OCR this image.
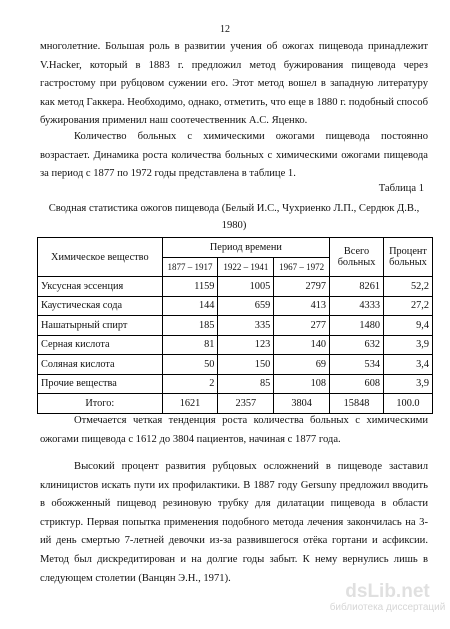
12

многолетние. Большая роль в развитии учения об ожогах пищевода принадлежит V.Hacker, который в 1883 г. предложил метод бужирования пищевода через гастростому при рубцовом сужении его. Этот метод вошел в западную литературу как метод Гаккера. Необходимо, однако, отметить, что еще в 1880 г. подобный способ бужирования применил наш соотечественник А.С. Яценко.

Количество больных с химическими ожогами пищевода постоянно возрастает. Динамика роста количества больных с химическими ожогами пищевода за период с 1877 по 1972 годы представлена в таблице 1.

Таблица 1
Сводная статистика ожогов пищевода (Белый И.С., Чухриенко Л.П., Сердюк Д.В., 1980)
Химическое вещество	Период времени			Всего больных	Процент больных
	1877 – 1917	1922 – 1941	1967 – 1972		
Уксусная эссенция	1159	1005	2797	8261	52,2
Каустическая сода	144	659	413	4333	27,2
Нашатырный спирт	185	335	277	1480	9,4
Серная кислота	81	123	140	632	3,9
Соляная кислота	50	150	69	534	3,4
Прочие вещества	2	85	108	608	3,9
Итого:	1621	2357	3804	15848	100.0

Отмечается четкая тенденция роста количества больных с химическими ожогами пищевода с 1612 до 3804 пациентов, начиная с 1877 года.

Высокий процент развития рубцовых осложнений в пищеводе заставил клиницистов искать пути их профилактики. В 1887 году Gersuny предложил вводить в обожженный пищевод резиновую трубку для дилатации пищевода в области стриктур. Первая попытка применения подобного метода лечения закончилась на 3-ий день смертью 7-летней девочки из-за развившегося отёка гортани и асфиксии. Метод был дискредитирован и на долгие годы забыт. К нему вернулись лишь в следующем столетии (Ванцян Э.Н., 1971).

dsLib.net
библиотека диссертаций
